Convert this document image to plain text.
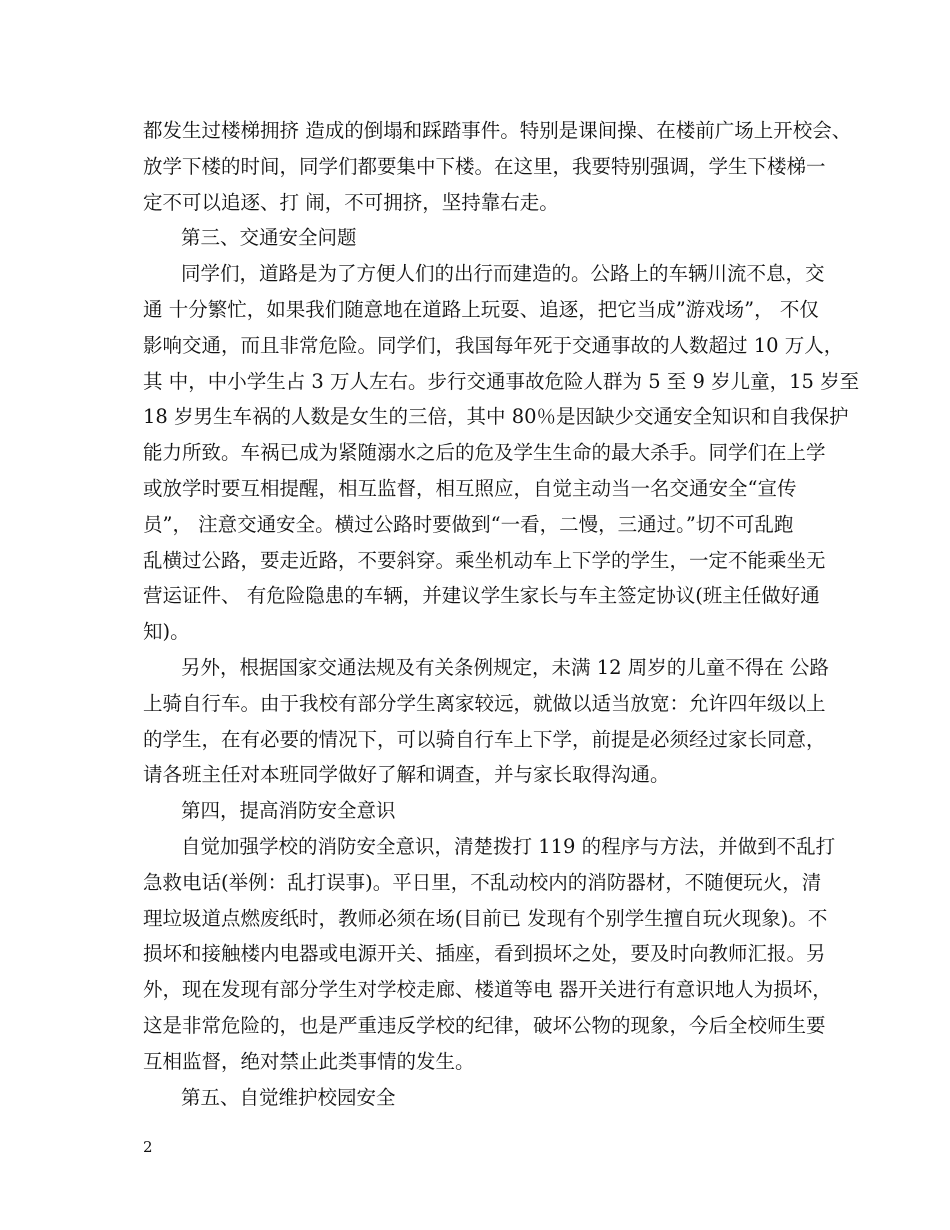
都发生过楼梯拥挤 造成的倒塌和踩踏事件。特别是课间操、在楼前广场上开校会、

放学下楼的时间，同学们都要集中下楼。在这里，我要特别强调，学生下楼梯一

定不可以追逐、打 闹，不可拥挤，坚持靠右走。

第三、交通安全问题

同学们，道路是为了方便人们的出行而建造的。公路上的车辆川流不息，交

通 十分繁忙，如果我们随意地在道路上玩耍、追逐，把它当成”游戏场”， 不仅

影响交通，而且非常危险。同学们，我国每年死于交通事故的人数超过 10 万人，

其 中，中小学生占 3 万人左右。步行交通事故危险人群为 5 至 9 岁儿童，15 岁至

18 岁男生车祸的人数是女生的三倍，其中 80％是因缺少交通安全知识和自我保护

能力所致。车祸已成为紧随溺水之后的危及学生生命的最大杀手。同学们在上学

或放学时要互相提醒，相互监督，相互照应，自觉主动当一名交通安全“宣传

员”， 注意交通安全。横过公路时要做到“一看，二慢，三通过。”切不可乱跑

乱横过公路，要走近路，不要斜穿。乘坐机动车上下学的学生，一定不能乘坐无

营运证件、 有危险隐患的车辆，并建议学生家长与车主签定协议(班主任做好通

知)。

另外，根据国家交通法规及有关条例规定，未满 12 周岁的儿童不得在 公路

上骑自行车。由于我校有部分学生离家较远，就做以适当放宽：允许四年级以上

的学生，在有必要的情况下，可以骑自行车上下学，前提是必须经过家长同意，

请各班主任对本班同学做好了解和调查，并与家长取得沟通。

第四，提高消防安全意识

自觉加强学校的消防安全意识，清楚拨打 119 的程序与方法，并做到不乱打

急救电话(举例：乱打误事)。平日里，不乱动校内的消防器材，不随便玩火，清

理垃圾道点燃废纸时，教师必须在场(目前已 发现有个别学生擅自玩火现象)。不

损坏和接触楼内电器或电源开关、插座，看到损坏之处，要及时向教师汇报。另

外，现在发现有部分学生对学校走廊、楼道等电 器开关进行有意识地人为损坏，

这是非常危险的，也是严重违反学校的纪律，破坏公物的现象，今后全校师生要

互相监督，绝对禁止此类事情的发生。

第五、自觉维护校园安全

2
